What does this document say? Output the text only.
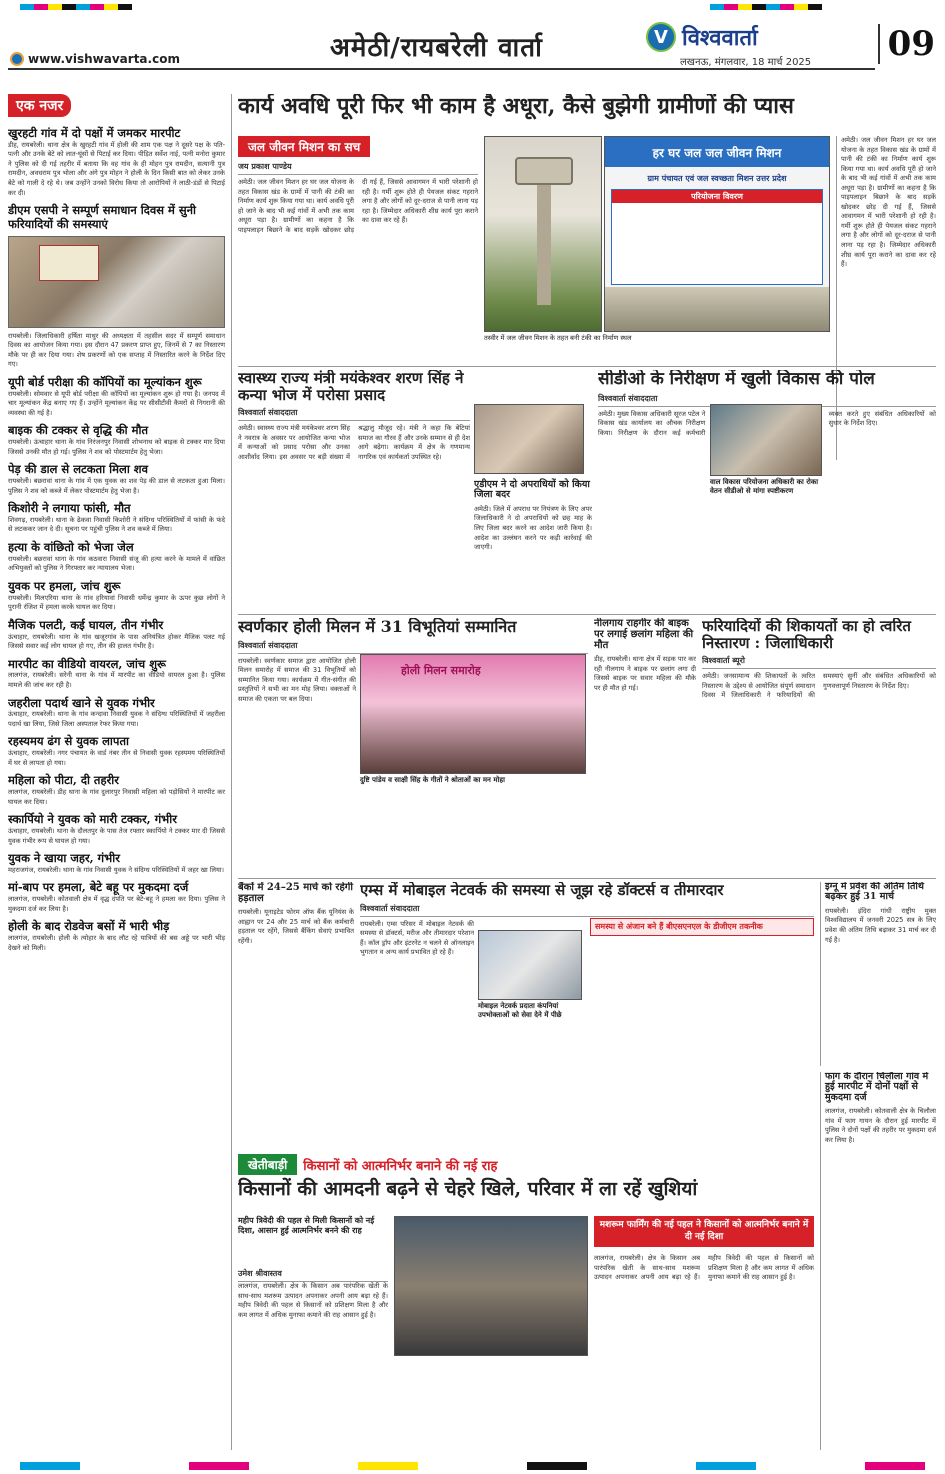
www.vishwavarta.com	अमेठी/रायबरेली वार्ता	V विश्ववार्ता
लखनऊ, मंगलवार, 18 मार्च 2025 09
एक नजर
खुरहटी गांव में दो पक्षों में जमकर मारपीट

डीह, रायबरेली। थाना क्षेत्र के खुरहटी गांव में होली की शाम एक पक्ष ने दूसरे पक्ष के पति-पत्नी और उनके बेटे को लात-घूंसों से पिटाई कर दिया। पीड़ित सर्वेश नाई, पत्नी मनोरा कुमार ने पुलिस को दी गई तहरीर में बताया कि वह गांव के ही मोहन पुत्र रामदीन, सत्यानी पुत्र रामदीन, अवधराम पुत्र भोला और अंगे पुत्र मोहन ने होली के दिन किसी बात को लेकर उनके बेटे को गाली दे रहे थे। जब उन्होंने उनको विरोध किया तो आरोपियों ने लाठी-डंडों से पिटाई कर दी।

डीएम एसपी ने सम्पूर्ण समाधान दिवस में सुनी फरियादियों की समस्याएं

रायबरेली। जिलाधिकारी हर्षिता माथुर की अध्यक्षता में तहसील सदर में सम्पूर्ण समाधान दिवस का आयोजन किया गया। इस दौरान 47 प्रकरण प्राप्त हुए, जिनमें से 7 का निस्तारण मौके पर ही कर दिया गया। शेष प्रकरणों को एक सप्ताह में निस्तारित करने के निर्देश दिए गए।

यूपी बोर्ड परीक्षा की कॉपियों का मूल्यांकन शुरू

रायबरेली। सोमवार से यूपी बोर्ड परीक्षा की कॉपियों का मूल्यांकन शुरू हो गया है। जनपद में चार मूल्यांकन केंद्र बनाए गए हैं। उन्होंने मूल्यांकन केंद्र पर सीसीटीवी कैमरों से निगरानी की व्यवस्था की गई है।

बाइक की टक्कर से वृद्धि की मौत

रायबरेली। ऊंचाहार थाना के गांव निरंजनपुर निवासी शोभनाथ को बाइक से टक्कर मार दिया जिससे उनकी मौत हो गई। पुलिस ने शव को पोस्टमार्टम हेतु भेजा।

पेड़ की डाल से लटकता मिला शव

रायबरेली। बछरावां थाना के गांव में एक युवक का शव पेड़ की डाल से लटकता हुआ मिला। पुलिस ने शव को कब्जे में लेकर पोस्टमार्टम हेतु भेजा है।

किशोरी ने लगाया फांसी, मौत

शिवगढ़, रायबरेली। थाना के ढेकवा निवासी किशोरी ने संदिग्ध परिस्थितियों में फांसी के फंदे से लटककर जान दे दी। सूचना पर पहुंची पुलिस ने शव कब्जे में लिया।

हत्या के वांछितो को भेजा जेल

रायबरेली। बछरावां थाना के गांव कठवारा निवासी संजू की हत्या करने के मामले में वांछित अभियुक्तों को पुलिस ने गिरफ्तार कर न्यायालय भेजा।

युवक पर हमला, जांच शुरू

रायबरेली। मिलएरिया थाना के गांव हरियावां निवासी धर्मेन्द्र कुमार के ऊपर कुछ लोगों ने पुरानी रंजिश में हमला करके घायल कर दिया।

मैजिक पलटी, कई घायल, तीन गंभीर

ऊंचाहार, रायबरेली। थाना के गांव खजूरगांव के पास अनियंत्रित होकर मैजिक पलट गई जिससे सवार कई लोग घायल हो गए, तीन की हालत गंभीर है।

मारपीट का वीडियो वायरल, जांच शुरू

लालगंज, रायबरेली। सरेनी थाना के गांव में मारपीट का वीडियो वायरल हुआ है। पुलिस मामले की जांच कर रही है।

जहरीला पदार्थ खाने से युवक गंभीर

ऊंचाहार, रायबरेली। थाना के गांव कन्दावा निवासी युवक ने संदिग्ध परिस्थितियों में जहरीला पदार्थ खा लिया, जिसे जिला अस्पताल रेफर किया गया।

रहस्यमय ढंग से युवक लापता

ऊंचाहार, रायबरेली। नगर पंचायत के वार्ड नंबर तीन से निवासी युवक रहस्यमय परिस्थितियों में घर से लापता हो गया।

महिला को पीटा, दी तहरीर

लालगंज, रायबरेली। डीह थाना के गांव दुलारपुर निवासी महिला को पड़ोसियों ने मारपीट कर घायल कर दिया।

स्कार्पियो ने युवक को मारी टक्कर, गंभीर

ऊंचाहार, रायबरेली। थाना के दौलतपुर के पास तेज रफ्तार स्कार्पियो ने टक्कर मार दी जिससे युवक गंभीर रूप से घायल हो गया।

युवक ने खाया जहर, गंभीर

महराजगंज, रायबरेली। थाना के गांव निवासी युवक ने संदिग्ध परिस्थितियों में जहर खा लिया।

मां-बाप पर हमला, बेटे बहू पर मुकदमा दर्ज

लालगंज, रायबरेली। कोतवाली क्षेत्र में वृद्ध दंपति पर बेटे-बहू ने हमला कर दिया। पुलिस ने मुकदमा दर्ज कर लिया है।

होली के बाद रोडवेज बसों में भारी भीड़

लालगंज, रायबरेली। होली के त्योहार के बाद लौट रहे यात्रियों की बस अड्डे पर भारी भीड़ देखने को मिली।

कार्य अवधि पूरी फिर भी काम है अधूरा, कैसे बुझेगी ग्रामीणों की प्यास
जल जीवन मिशन का सच
जय प्रकाश पाण्डेय
अमेठी। जल जीवन मिशन हर घर जल योजना के तहत विकास खंड के ग्रामों में पानी की टंकी का निर्माण कार्य शुरू किया गया था। कार्य अवधि पूरी हो जाने के बाद भी कई गांवों में अभी तक काम अधूरा पड़ा है। ग्रामीणों का कहना है कि पाइपलाइन बिछाने के बाद सड़कें खोदकर छोड़ दी गई हैं, जिससे आवागमन में भारी परेशानी हो रही है। गर्मी शुरू होते ही पेयजल संकट गहराने लगा है और लोगों को दूर-दराज से पानी लाना पड़ रहा है। जिम्मेदार अधिकारी शीघ्र कार्य पूरा कराने का दावा कर रहे हैं।
हर घर जल जल जीवन मिशन
ग्राम पंचायत एवं जल स्वच्छता मिशन उत्तर प्रदेश
परियोजना विवरण
तस्वीर में जल जीवन मिशन के तहत बनी टंकी का निर्माण स्थल
अमेठी। जल जीवन मिशन हर घर जल योजना के तहत विकास खंड के ग्रामों में पानी की टंकी का निर्माण कार्य शुरू किया गया था। कार्य अवधि पूरी हो जाने के बाद भी कई गांवों में अभी तक काम अधूरा पड़ा है। ग्रामीणों का कहना है कि पाइपलाइन बिछाने के बाद सड़कें खोदकर छोड़ दी गई हैं, जिससे आवागमन में भारी परेशानी हो रही है। गर्मी शुरू होते ही पेयजल संकट गहराने लगा है और लोगों को दूर-दराज से पानी लाना पड़ रहा है। जिम्मेदार अधिकारी शीघ्र कार्य पूरा कराने का दावा कर रहे हैं।
स्वास्थ्य राज्य मंत्री मयंकेश्वर शरण सिंह ने कन्या भोज में परोसा प्रसाद
विश्ववार्ता संवाददाता
अमेठी। स्वास्थ्य राज्य मंत्री मयंकेश्वर शरण सिंह ने नवरात्र के अवसर पर आयोजित कन्या भोज में कन्याओं को प्रसाद परोसा और उनका आशीर्वाद लिया। इस अवसर पर बड़ी संख्या में श्रद्धालु मौजूद रहे। मंत्री ने कहा कि बेटियां समाज का गौरव हैं और उनके सम्मान से ही देश आगे बढ़ेगा। कार्यक्रम में क्षेत्र के गणमान्य नागरिक एवं कार्यकर्ता उपस्थित रहे।
एडीएम ने दो अपराधियों को किया जिला बदर
अमेठी। जिले में अपराध पर नियंत्रण के लिए अपर जिलाधिकारी ने दो अपराधियों को छह माह के लिए जिला बदर करने का आदेश जारी किया है। आदेश का उल्लंघन करने पर कड़ी कार्रवाई की जाएगी।
सीडीओ के निरीक्षण में खुली विकास की पोल
विश्ववार्ता संवाददाता
अमेठी। मुख्य विकास अधिकारी सूरज पटेल ने विकास खंड कार्यालय का औचक निरीक्षण किया। निरीक्षण के दौरान कई कर्मचारी व्यक्त करते हुए संबंधित अधिकारियों को सुधार के निर्देश दिए।
वाल विकास परियोजना अधिकारी का रोका वेतन सीडीओ से मांगा स्पष्टीकरण
स्वर्णकार होली मिलन में 31 विभूतियां सम्मानित
विश्ववार्ता संवाददाता
रायबरेली। स्वर्णकार समाज द्वारा आयोजित होली मिलन समारोह में समाज की 31 विभूतियों को सम्मानित किया गया। कार्यक्रम में गीत-संगीत की प्रस्तुतियों ने सभी का मन मोह लिया। वक्ताओं ने समाज की एकता पर बल दिया।
होली मिलन समारोह
दुष्टि पांडेय व साक्षी सिंह के गीतों ने श्रोताओं का मन मोहा
नीलगाय राहगीर की बाइक पर लगाई छलांग महिला की मौत
डीह, रायबरेली। थाना क्षेत्र में सड़क पार कर रही नीलगाय ने बाइक पर छलांग लगा दी जिससे बाइक पर सवार महिला की मौके पर ही मौत हो गई।
फरियादियों की शिकायतों का हो त्वरित निस्तारण : जिलाधिकारी
विश्ववार्ता ब्यूरो
अमेठी। जनसामान्य की शिकायतों के त्वरित निस्तारण के उद्देश्य से आयोजित संपूर्ण समाधान दिवस में जिलाधिकारी ने फरियादियों की समस्याएं सुनीं और संबंधित अधिकारियों को गुणवत्तापूर्ण निस्तारण के निर्देश दिए।
बैंकों में 24–25 मार्च को रहेगी हड़ताल
रायबरेली। यूनाइटेड फोरम ऑफ बैंक यूनियंस के आह्वान पर 24 और 25 मार्च को बैंक कर्मचारी हड़ताल पर रहेंगे, जिससे बैंकिंग सेवाएं प्रभावित रहेंगी।
एम्स में मोबाइल नेटवर्क की समस्या से जूझ रहे डॉक्टर्स व तीमारदार
विश्ववार्ता संवाददाता
रायबरेली। एम्स परिसर में मोबाइल नेटवर्क की समस्या से डॉक्टर्स, मरीज और तीमारदार परेशान हैं। कॉल ड्रॉप और इंटरनेट न चलने से ऑनलाइन भुगतान व अन्य कार्य प्रभावित हो रहे हैं।
मोबाइल नेटवर्क प्रदाता कंपनियां उपभोक्ताओं को सेवा देने में पीछे
समस्या से अंजान बने हैं बीएसएनएल के डीजीएम तकनीक
इग्नू में प्रवेश की अंतिम तिथि बढ़कर हुई 31 मार्च
रायबरेली। इंदिरा गांधी राष्ट्रीय मुक्त विश्वविद्यालय में जनवरी 2025 सत्र के लिए प्रवेश की अंतिम तिथि बढ़ाकर 31 मार्च कर दी गई है।
फाग के दौरान चिलौला गांव में हुई मारपीट में दोनों पक्षों से मुकदमा दर्ज
लालगंज, रायबरेली। कोतवाली क्षेत्र के चिलौला गांव में फाग गायन के दौरान हुई मारपीट में पुलिस ने दोनों पक्षों की तहरीर पर मुकदमा दर्ज कर लिया है।
खेतीबाड़ी	किसानों को आत्मनिर्भर बनाने की नई राह
किसानों की आमदनी बढ़ने से चेहरे खिले, परिवार में ला रहें खुशियां
महीप त्रिवेदी की पहल से मिली किसानों को नई दिशा, आसान हुई आत्मनिर्भर बनने की राह
उमेश श्रीवास्तव
लालगंज, रायबरेली। क्षेत्र के किसान अब पारंपरिक खेती के साथ-साथ मशरूम उत्पादन अपनाकर अपनी आय बढ़ा रहे हैं। महीप त्रिवेदी की पहल से किसानों को प्रशिक्षण मिला है और कम लागत में अधिक मुनाफा कमाने की राह आसान हुई है।
मशरूम फार्मिंग की नई पहल ने किसानों को आत्मनिर्भर बनाने में दी नई दिशा
लालगंज, रायबरेली। क्षेत्र के किसान अब पारंपरिक खेती के साथ-साथ मशरूम उत्पादन अपनाकर अपनी आय बढ़ा रहे हैं। महीप त्रिवेदी की पहल से किसानों को प्रशिक्षण मिला है और कम लागत में अधिक मुनाफा कमाने की राह आसान हुई है।
